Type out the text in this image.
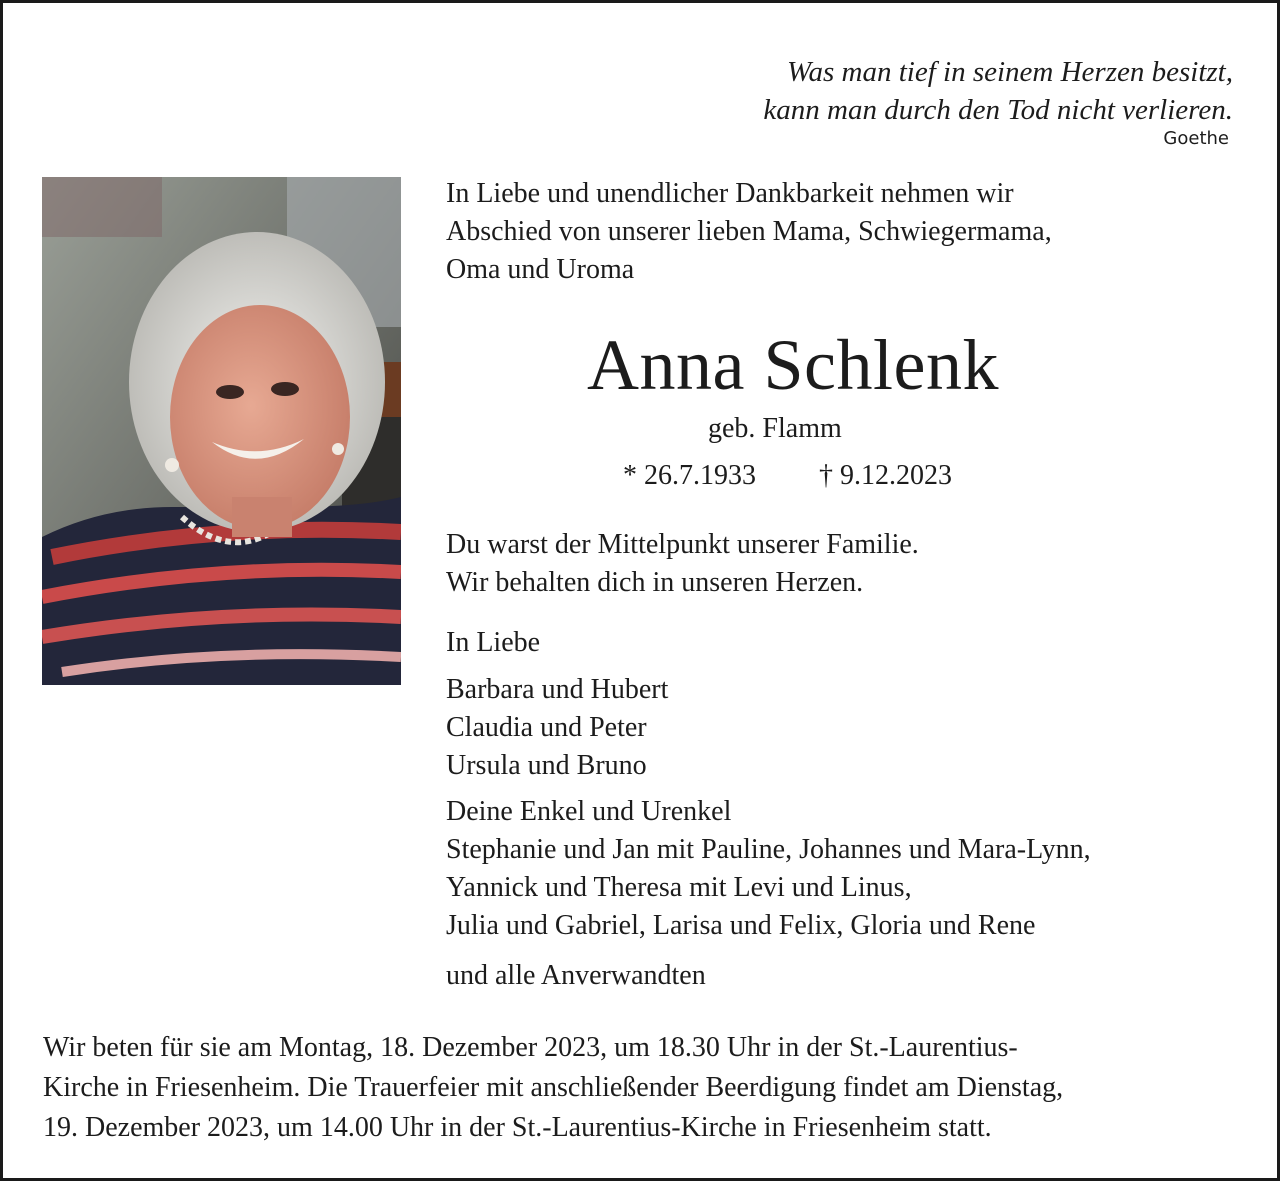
Was man tief in seinem Herzen besitzt,
kann man durch den Tod nicht verlieren.
Goethe
In Liebe und unendlicher Dankbarkeit nehmen wir
Abschied von unserer lieben Mama, Schwiegermama,
Oma und Uroma
Anna Schlenk
geb. Flamm
* 26.7.1933 † 9.12.2023
Du warst der Mittelpunkt unserer Familie.
Wir behalten dich in unseren Herzen.
In Liebe
Barbara und Hubert
Claudia und Peter
Ursula und Bruno
Deine Enkel und Urenkel
Stephanie und Jan mit Pauline, Johannes und Mara-Lynn,
Yannick und Theresa mit Levi und Linus,
Julia und Gabriel, Larisa und Felix, Gloria und Rene
und alle Anverwandten
Wir beten für sie am Montag, 18. Dezember 2023, um 18.30 Uhr in der St.-Laurentius-
Kirche in Friesenheim. Die Trauerfeier mit anschließender Beerdigung findet am Dienstag,
19. Dezember 2023, um 14.00 Uhr in der St.-Laurentius-Kirche in Friesenheim statt.
